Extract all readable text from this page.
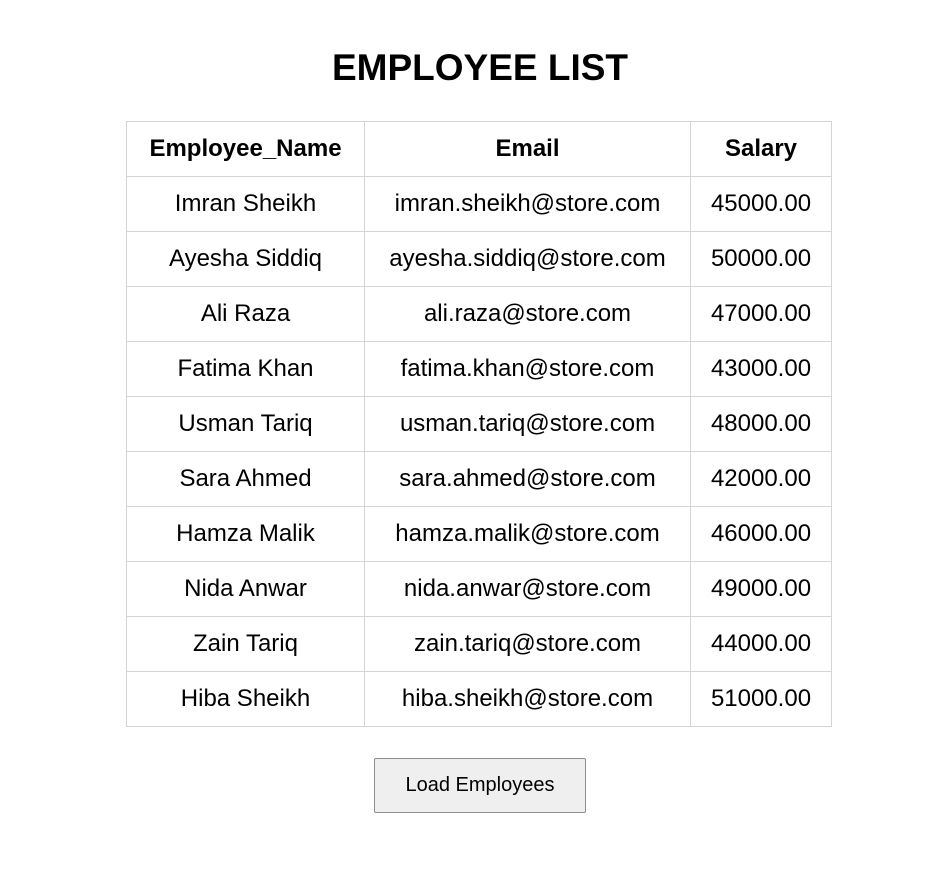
EMPLOYEE LIST
Employee_Name	Email	Salary
Imran Sheikh	imran.sheikh@store.com	45000.00
Ayesha Siddiq	ayesha.siddiq@store.com	50000.00
Ali Raza	ali.raza@store.com	47000.00
Fatima Khan	fatima.khan@store.com	43000.00
Usman Tariq	usman.tariq@store.com	48000.00
Sara Ahmed	sara.ahmed@store.com	42000.00
Hamza Malik	hamza.malik@store.com	46000.00
Nida Anwar	nida.anwar@store.com	49000.00
Zain Tariq	zain.tariq@store.com	44000.00
Hiba Sheikh	hiba.sheikh@store.com	51000.00
Load Employees
